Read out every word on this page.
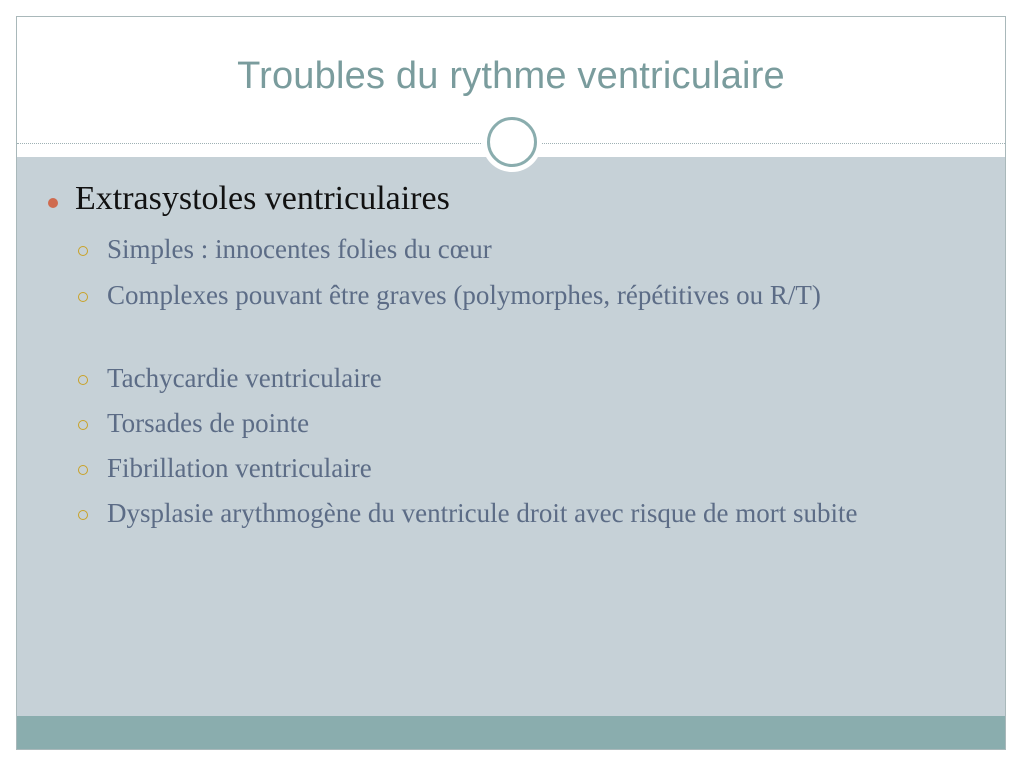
Troubles du rythme ventriculaire
Extrasystoles ventriculaires
Simples : innocentes folies du cœur
Complexes pouvant être graves (polymorphes, répétitives ou R/T)
Tachycardie ventriculaire
Torsades de pointe
Fibrillation ventriculaire
Dysplasie arythmogène du ventricule droit avec risque de mort subite
